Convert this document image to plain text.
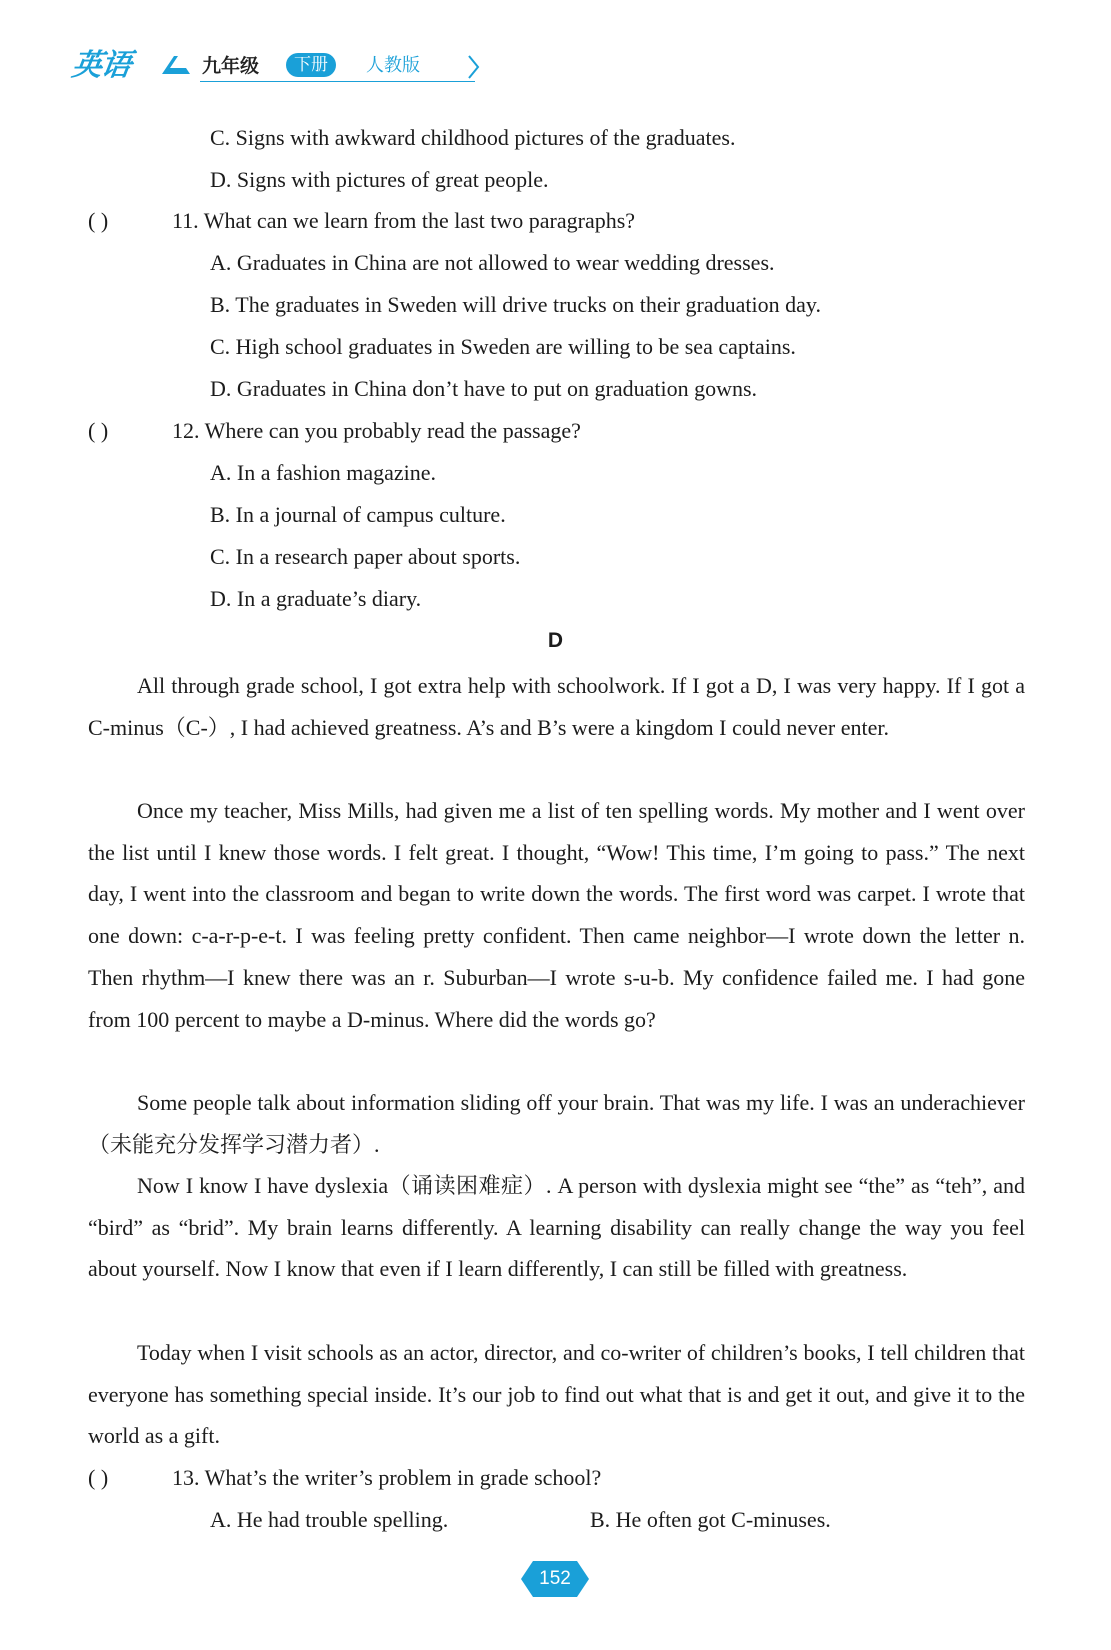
英语	九年级	下册	人教版
C. Signs with awkward childhood pictures of the graduates.
D. Signs with pictures of great people.
( )	11. What can we learn from the last two paragraphs?
A. Graduates in China are not allowed to wear wedding dresses.
B. The graduates in Sweden will drive trucks on their graduation day.
C. High school graduates in Sweden are willing to be sea captains.
D. Graduates in China don’t have to put on graduation gowns.
( )	12. Where can you probably read the passage?
A. In a fashion magazine.
B. In a journal of campus culture.
C. In a research paper about sports.
D. In a graduate’s diary.
D

All through grade school, I got extra help with schoolwork. If I got a D, I was very happy. If I got a C-minus（C-）, I had achieved greatness. A’s and B’s were a kingdom I could never enter.

Once my teacher, Miss Mills, had given me a list of ten spelling words. My mother and I went over the list until I knew those words. I felt great. I thought, “Wow! This time, I’m going to pass.” The next day, I went into the classroom and began to write down the words. The first word was carpet. I wrote that one down: c-a-r-p-e-t. I was feeling pretty confident. Then came neighbor—I wrote down the letter n. Then rhythm—I knew there was an r. Suburban—I wrote s-u-b. My confidence failed me. I had gone from 100 percent to maybe a D-minus. Where did the words go?

Some people talk about information sliding off your brain. That was my life. I was an underachiever（未能充分发挥学习潜力者）.

Now I know I have dyslexia（诵读困难症）. A person with dyslexia might see “the” as “teh”, and “bird” as “brid”. My brain learns differently. A learning disability can really change the way you feel about yourself. Now I know that even if I learn differently, I can still be filled with greatness.

Today when I visit schools as an actor, director, and co-writer of children’s books, I tell children that everyone has something special inside. It’s our job to find out what that is and get it out, and give it to the world as a gift.

( )	13. What’s the writer’s problem in grade school?
A. He had trouble spelling.	B. He often got C-minuses.
152
